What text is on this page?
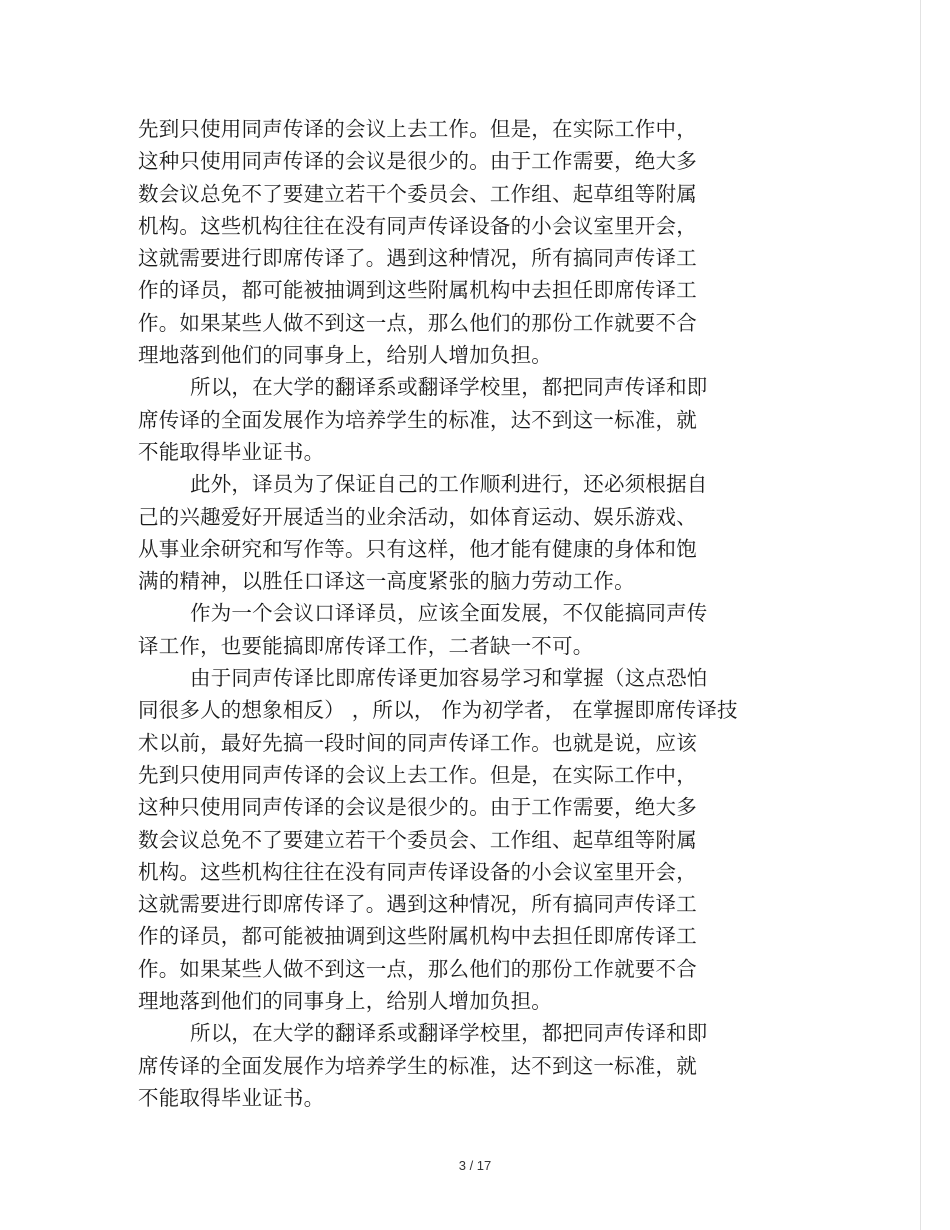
先到只使用同声传译的会议上去工作。但是，在实际工作中，
这种只使用同声传译的会议是很少的。由于工作需要，绝大多
数会议总免不了要建立若干个委员会、工作组、起草组等附属
机构。这些机构往往在没有同声传译设备的小会议室里开会，
这就需要进行即席传译了。遇到这种情况，所有搞同声传译工
作的译员，都可能被抽调到这些附属机构中去担任即席传译工
作。如果某些人做不到这一点，那么他们的那份工作就要不合
理地落到他们的同事身上，给别人增加负担。
所以，在大学的翻译系或翻译学校里，都把同声传译和即
席传译的全面发展作为培养学生的标准，达不到这一标准，就
不能取得毕业证书。
此外，译员为了保证自己的工作顺利进行，还必须根据自
己的兴趣爱好开展适当的业余活动，如体育运动、娱乐游戏、
从事业余研究和写作等。只有这样，他才能有健康的身体和饱
满的精神，以胜任口译这一高度紧张的脑力劳动工作。
作为一个会议口译译员，应该全面发展，不仅能搞同声传
译工作，也要能搞即席传译工作，二者缺一不可。
由于同声传译比即席传译更加容易学习和掌握（这点恐怕
同很多人的想象相反） ，所以， 作为初学者， 在掌握即席传译技
术以前，最好先搞一段时间的同声传译工作。也就是说，应该
先到只使用同声传译的会议上去工作。但是，在实际工作中，
这种只使用同声传译的会议是很少的。由于工作需要，绝大多
数会议总免不了要建立若干个委员会、工作组、起草组等附属
机构。这些机构往往在没有同声传译设备的小会议室里开会，
这就需要进行即席传译了。遇到这种情况，所有搞同声传译工
作的译员，都可能被抽调到这些附属机构中去担任即席传译工
作。如果某些人做不到这一点，那么他们的那份工作就要不合
理地落到他们的同事身上，给别人增加负担。
所以，在大学的翻译系或翻译学校里，都把同声传译和即
席传译的全面发展作为培养学生的标准，达不到这一标准，就
不能取得毕业证书。
3 / 17
